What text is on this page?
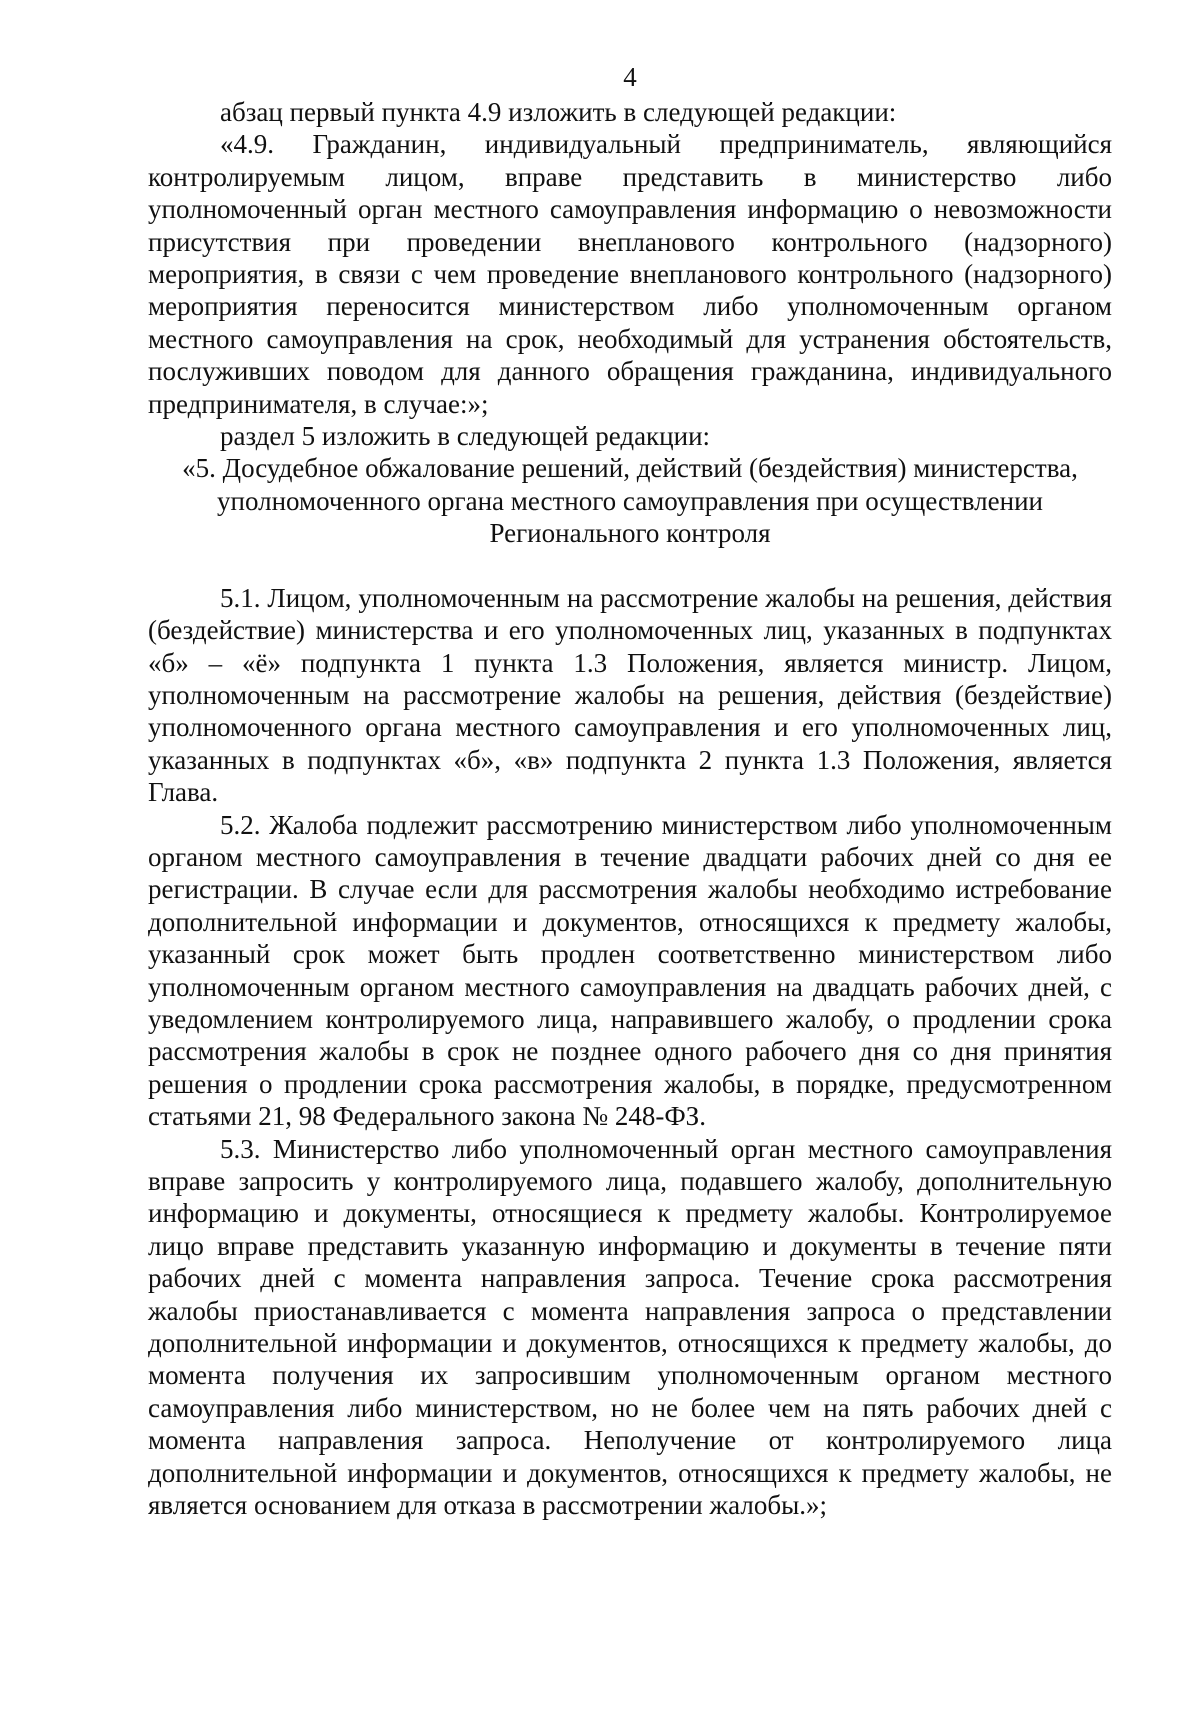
4

абзац первый пункта 4.9 изложить в следующей редакции:

«4.9. Гражданин, индивидуальный предприниматель, являющийся контролируемым лицом, вправе представить в министерство либо уполномоченный орган местного самоуправления информацию о невозможности присутствия при проведении внепланового контрольного (надзорного) мероприятия, в связи с чем проведение внепланового контрольного (надзорного) мероприятия переносится министерством либо уполномоченным органом местного самоуправления на срок, необходимый для устранения обстоятельств, послуживших поводом для данного обращения гражданина, индивидуального предпринимателя, в случае:»;

раздел 5 изложить в следующей редакции:

«5. Досудебное обжалование решений, действий (бездействия) министерства, уполномоченного органа местного самоуправления при осуществлении Регионального контроля

5.1. Лицом, уполномоченным на рассмотрение жалобы на решения, действия (бездействие) министерства и его уполномоченных лиц, указанных в подпунктах «б» – «ё» подпункта 1 пункта 1.3 Положения, является министр. Лицом, уполномоченным на рассмотрение жалобы на решения, действия (бездействие) уполномоченного органа местного самоуправления и его уполномоченных лиц, указанных в подпунктах «б», «в» подпункта 2 пункта 1.3 Положения, является Глава.

5.2. Жалоба подлежит рассмотрению министерством либо уполномоченным органом местного самоуправления в течение двадцати рабочих дней со дня ее регистрации. В случае если для рассмотрения жалобы необходимо истребование дополнительной информации и документов, относящихся к предмету жалобы, указанный срок может быть продлен соответственно министерством либо уполномоченным органом местного самоуправления на двадцать рабочих дней, с уведомлением контролируемого лица, направившего жалобу, о продлении срока рассмотрения жалобы в срок не позднее одного рабочего дня со дня принятия решения о продлении срока рассмотрения жалобы, в порядке, предусмотренном статьями 21, 98 Федерального закона № 248-ФЗ.

5.3. Министерство либо уполномоченный орган местного самоуправления вправе запросить у контролируемого лица, подавшего жалобу, дополнительную информацию и документы, относящиеся к предмету жалобы. Контролируемое лицо вправе представить указанную информацию и документы в течение пяти рабочих дней с момента направления запроса. Течение срока рассмотрения жалобы приостанавливается с момента направления запроса о представлении дополнительной информации и документов, относящихся к предмету жалобы, до момента получения их запросившим уполномоченным органом местного самоуправления либо министерством, но не более чем на пять рабочих дней с момента направления запроса. Неполучение от контролируемого лица дополнительной информации и документов, относящихся к предмету жалобы, не является основанием для отказа в рассмотрении жалобы.»;
